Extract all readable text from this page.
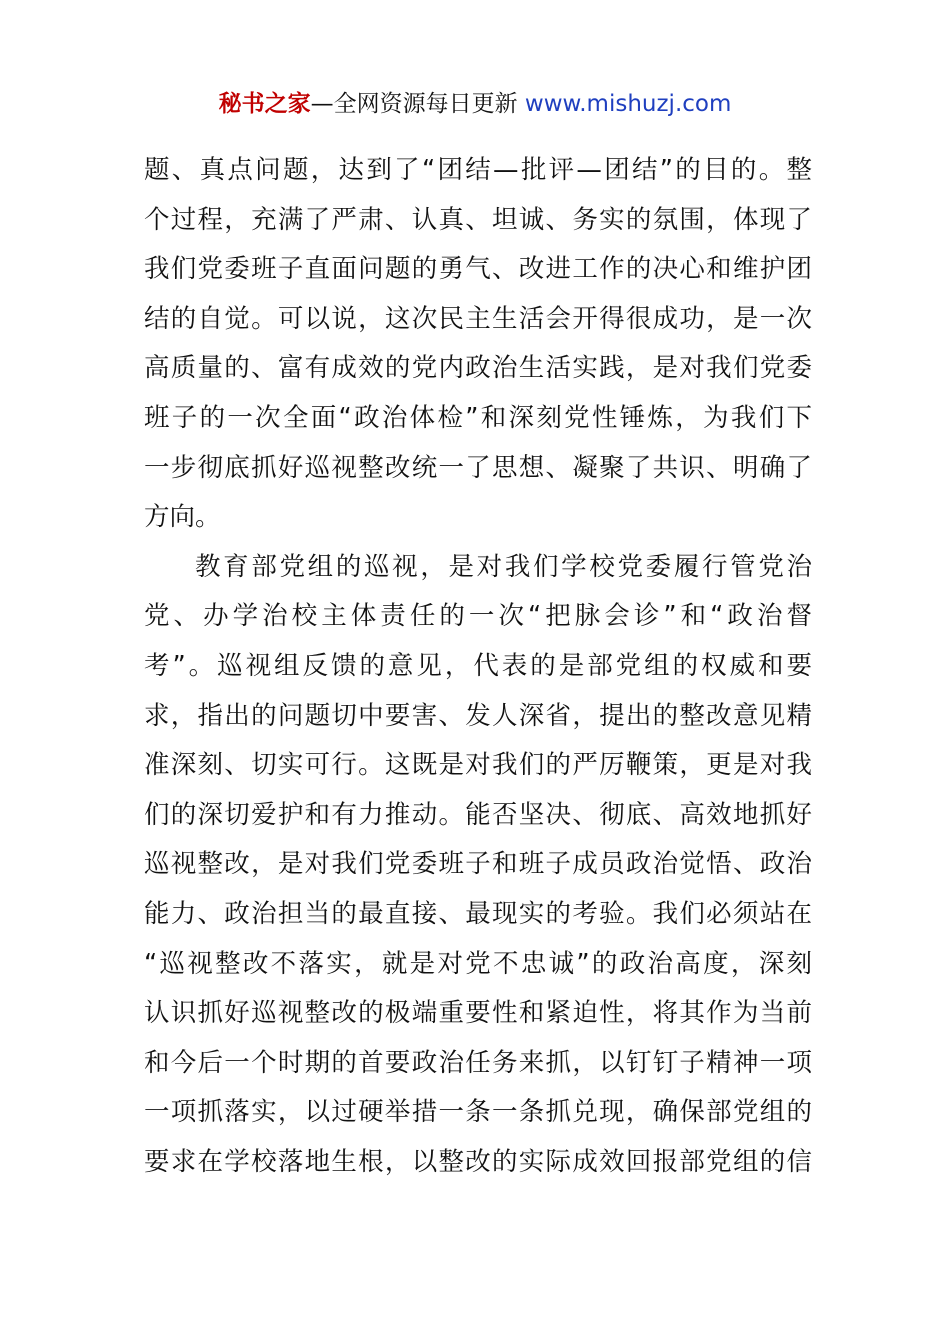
秘书之家—全网资源每日更新 www.mishuzj.com
题、真点问题，达到了“团结—批评—团结”的目的。整
个过程，充满了严肃、认真、坦诚、务实的氛围，体现了
我们党委班子直面问题的勇气、改进工作的决心和维护团
结的自觉。可以说，这次民主生活会开得很成功，是一次
高质量的、富有成效的党内政治生活实践，是对我们党委
班子的一次全面“政治体检”和深刻党性锤炼，为我们下
一步彻底抓好巡视整改统一了思想、凝聚了共识、明确了
方向。
教育部党组的巡视，是对我们学校党委履行管党治
党、办学治校主体责任的一次“把脉会诊”和“政治督
考”。巡视组反馈的意见，代表的是部党组的权威和要
求，指出的问题切中要害、发人深省，提出的整改意见精
准深刻、切实可行。这既是对我们的严厉鞭策，更是对我
们的深切爱护和有力推动。能否坚决、彻底、高效地抓好
巡视整改，是对我们党委班子和班子成员政治觉悟、政治
能力、政治担当的最直接、最现实的考验。我们必须站在
“巡视整改不落实，就是对党不忠诚”的政治高度，深刻
认识抓好巡视整改的极端重要性和紧迫性，将其作为当前
和今后一个时期的首要政治任务来抓，以钉钉子精神一项
一项抓落实，以过硬举措一条一条抓兑现，确保部党组的
要求在学校落地生根，以整改的实际成效回报部党组的信
